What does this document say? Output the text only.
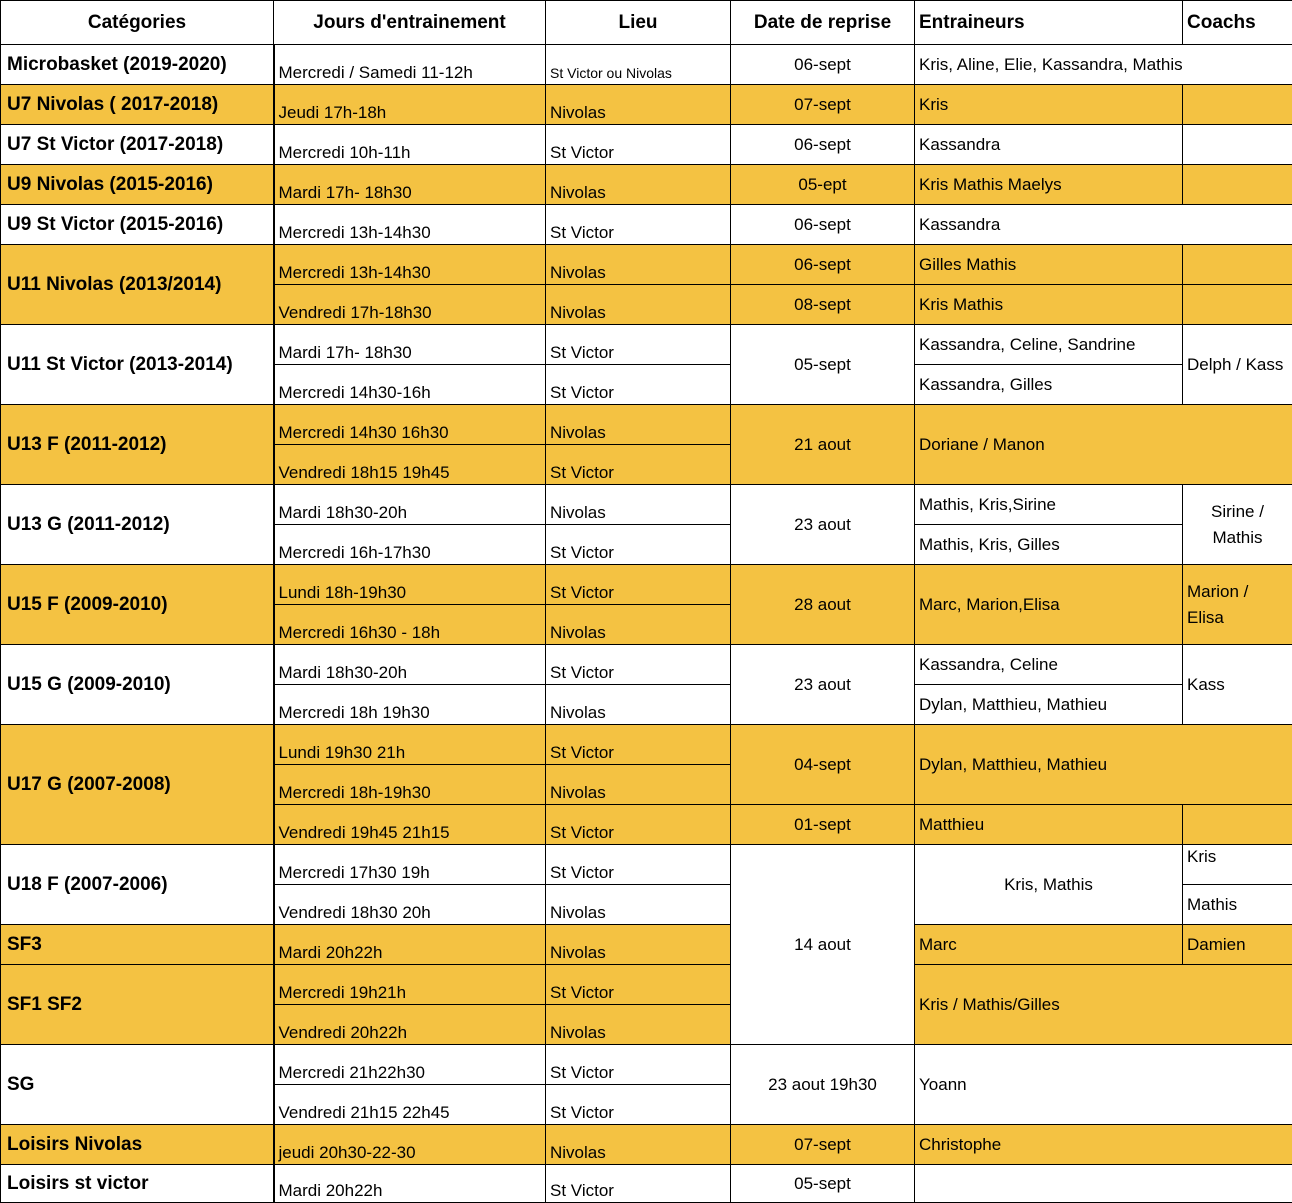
Catégories	Jours d'entrainement	Lieu	Date de reprise	Entraineurs	Coachs
Microbasket (2019-2020)	Mercredi / Samedi 11-12h	St Victor ou Nivolas	06-sept	Kris, Aline, Elie, Kassandra, Mathis	
U7 Nivolas ( 2017-2018)	Jeudi 17h-18h	Nivolas	07-sept	Kris	
U7 St Victor (2017-2018)	Mercredi 10h-11h	St Victor	06-sept	Kassandra	
U9 Nivolas (2015-2016)	Mardi 17h- 18h30	Nivolas	05-ept	Kris Mathis Maelys	
U9 St Victor (2015-2016)	Mercredi 13h-14h30	St Victor	06-sept	Kassandra	
U11 Nivolas (2013/2014)	Mercredi 13h-14h30	Nivolas	06-sept	Gilles Mathis	
	Vendredi 17h-18h30	Nivolas	08-sept	Kris Mathis	
U11 St Victor (2013-2014)	Mardi 17h- 18h30	St Victor	05-sept	Kassandra, Celine, Sandrine	Delph / Kass
	Mercredi 14h30-16h	St Victor		Kassandra, Gilles	
U13 F (2011-2012)	Mercredi 14h30 16h30	Nivolas	21 aout	Doriane / Manon	
	Vendredi 18h15 19h45	St Victor			
U13 G (2011-2012)	Mardi 18h30-20h	Nivolas	23 aout	Mathis, Kris,Sirine	Sirine / Mathis
	Mercredi 16h-17h30	St Victor		Mathis, Kris, Gilles	
U15 F (2009-2010)	Lundi 18h-19h30	St Victor	28 aout	Marc, Marion,Elisa	Marion / Elisa
	Mercredi 16h30 - 18h	Nivolas			
U15 G (2009-2010)	Mardi 18h30-20h	St Victor	23 aout	Kassandra, Celine	Kass
	Mercredi 18h 19h30	Nivolas		Dylan, Matthieu, Mathieu	
U17 G (2007-2008)	Lundi 19h30 21h	St Victor	04-sept	Dylan, Matthieu, Mathieu	
	Mercredi 18h-19h30	Nivolas			
	Vendredi 19h45 21h15	St Victor	01-sept	Matthieu	
U18 F (2007-2006)	Mercredi 17h30 19h	St Victor	14 aout	Kris, Mathis	Kris
	Vendredi 18h30 20h	Nivolas			Mathis
SF3	Mardi 20h22h	Nivolas		Marc	Damien
SF1 SF2	Mercredi 19h21h	St Victor		Kris / Mathis/Gilles	
	Vendredi 20h22h	Nivolas			
SG	Mercredi 21h22h30	St Victor	23 aout 19h30	Yoann	
	Vendredi 21h15 22h45	St Victor			
Loisirs Nivolas	jeudi 20h30-22-30	Nivolas	07-sept	Christophe	
Loisirs st victor	Mardi 20h22h	St Victor	05-sept		
